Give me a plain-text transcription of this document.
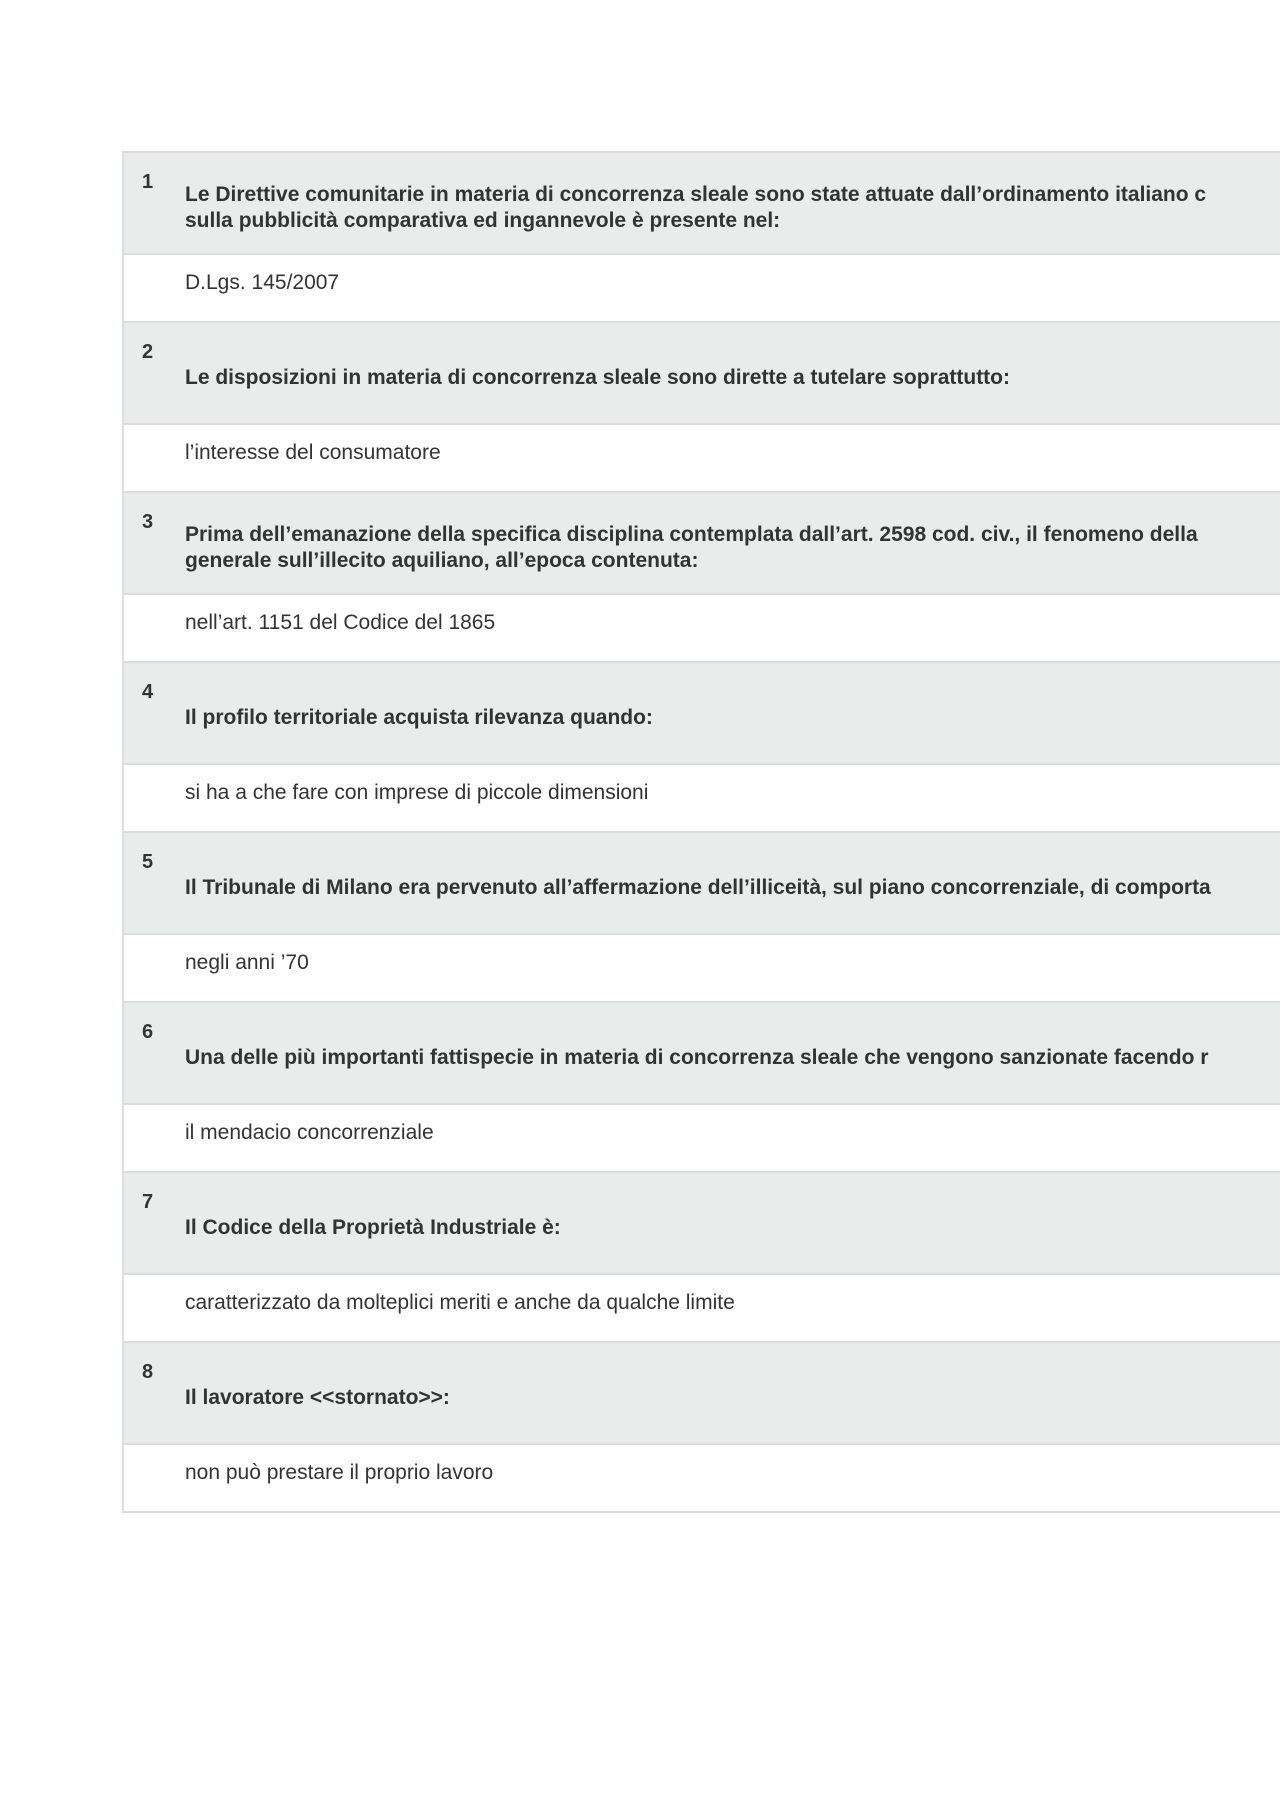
1
Le Direttive comunitarie in materia di concorrenza sleale sono state attuate dall’ordinamento italiano c
sulla pubblicità comparativa ed ingannevole è presente nel:
D.Lgs. 145/2007
2
Le disposizioni in materia di concorrenza sleale sono dirette a tutelare soprattutto:
l’interesse del consumatore
3
Prima dell’emanazione della specifica disciplina contemplata dall’art. 2598 cod. civ., il fenomeno della
generale sull’illecito aquiliano, all’epoca contenuta:
nell’art. 1151 del Codice del 1865
4
Il profilo territoriale acquista rilevanza quando:
si ha a che fare con imprese di piccole dimensioni
5
Il Tribunale di Milano era pervenuto all’affermazione dell’illiceità, sul piano concorrenziale, di comporta
negli anni ’70
6
Una delle più importanti fattispecie in materia di concorrenza sleale che vengono sanzionate facendo r
il mendacio concorrenziale
7
Il Codice della Proprietà Industriale è:
caratterizzato da molteplici meriti e anche da qualche limite
8
Il lavoratore <<stornato>>:
non può prestare il proprio lavoro
